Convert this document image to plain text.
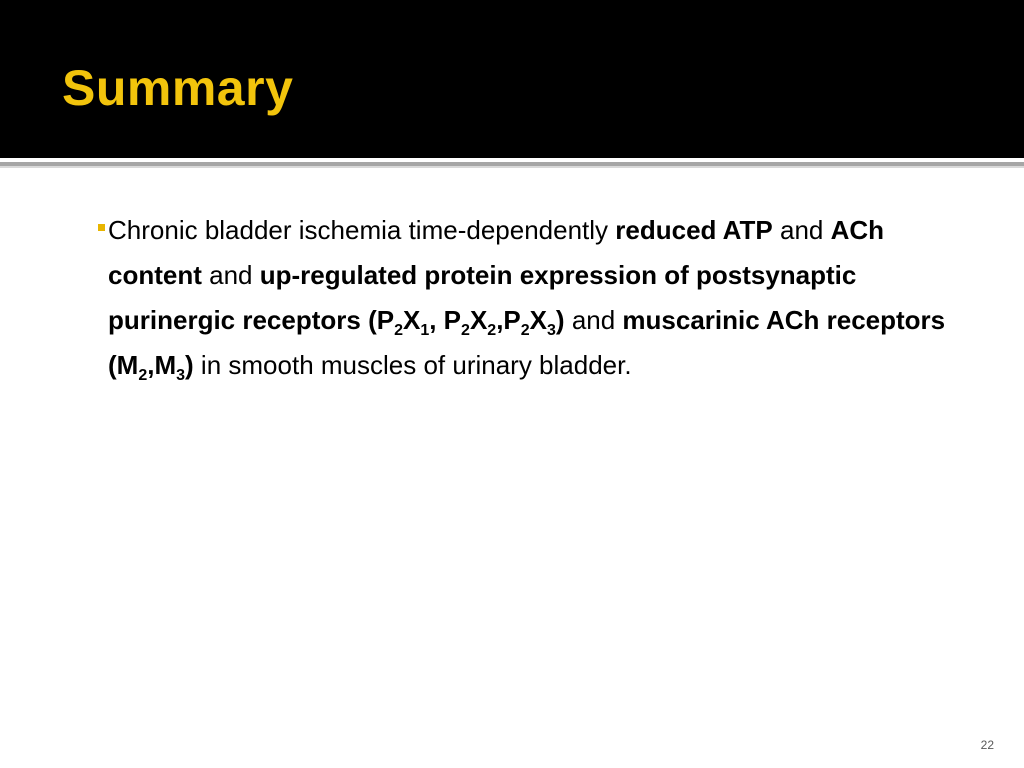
Summary
Chronic bladder ischemia time-dependently reduced ATP and ACh content and up-regulated protein expression of postsynaptic purinergic receptors ($P_2X_1$, $P_2X_2,P_2X_3$) and muscarinic ACh receptors $(M_2,M_3)$ in smooth muscles of urinary bladder.
22
